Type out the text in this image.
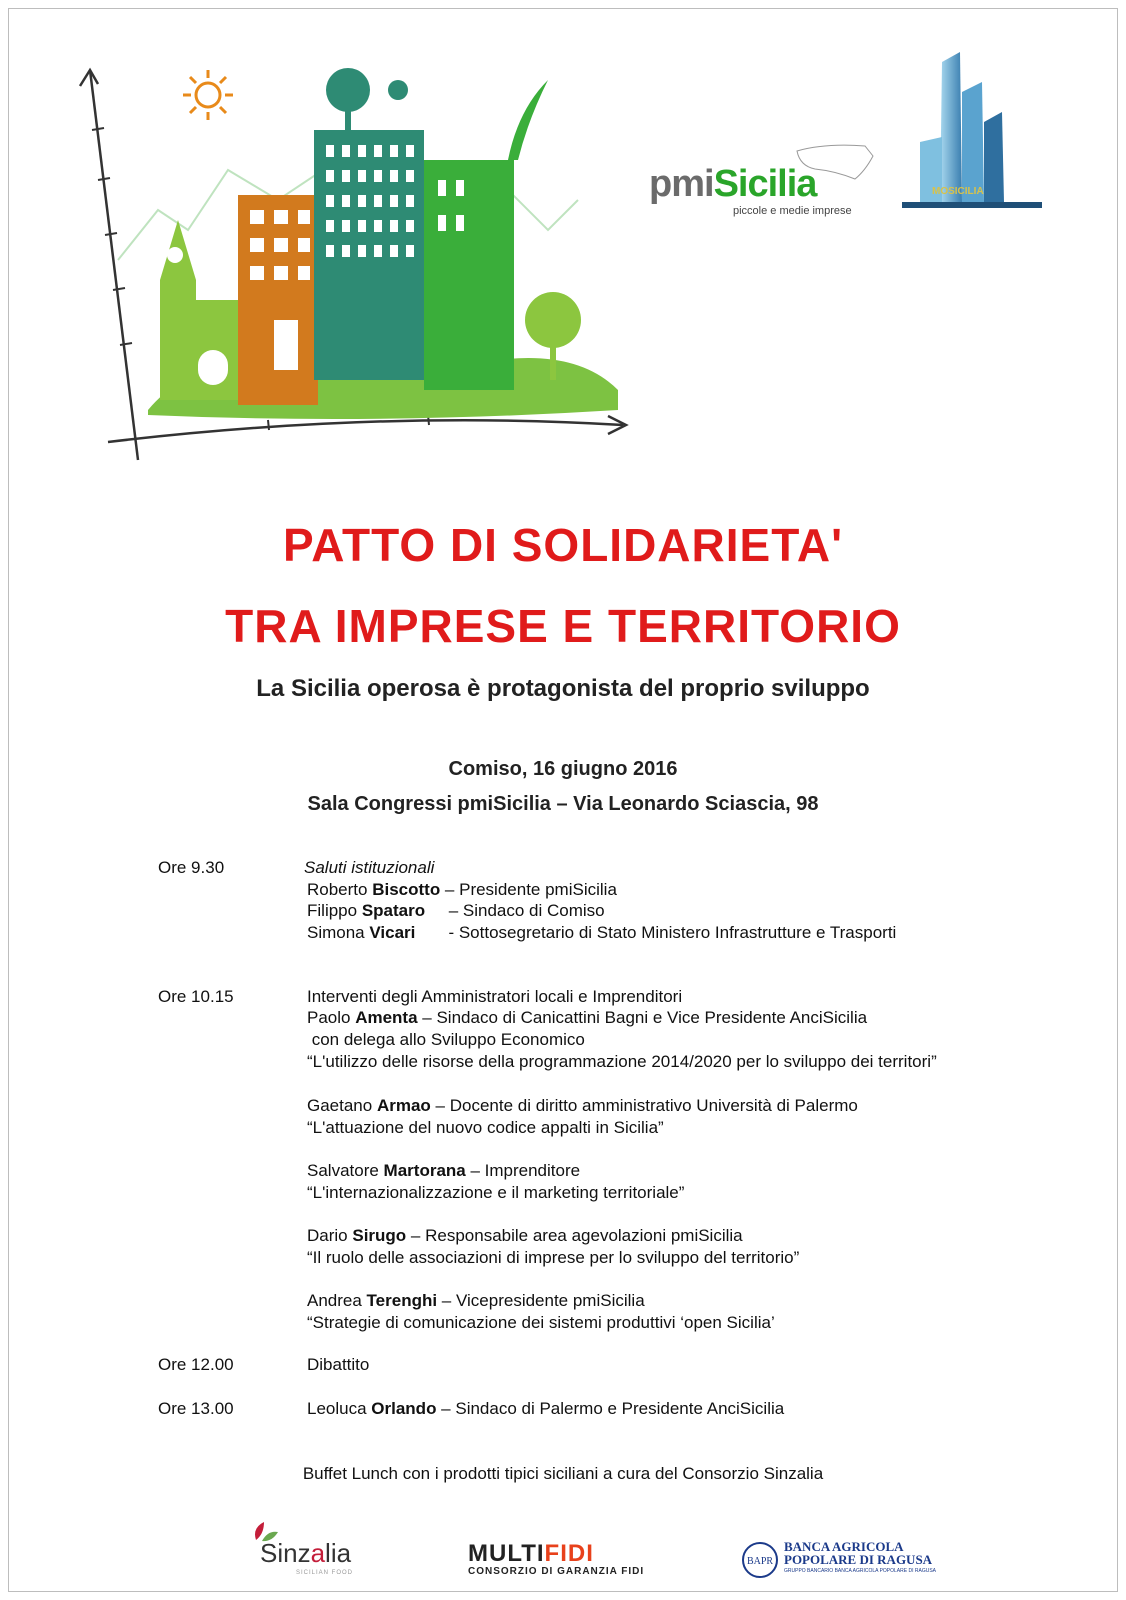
pmiSicilia
piccole e medie imprese
MOSICILIA
PATTO DI SOLIDARIETA'
TRA IMPRESE E TERRITORIO
La Sicilia operosa è protagonista del proprio sviluppo
Comiso, 16 giugno 2016
Sala Congressi pmiSicilia – Via Leonardo Sciascia, 98
Ore 9.30	Saluti istituzionali
Roberto Biscotto – Presidente pmiSicilia
Filippo Spataro     – Sindaco di Comiso
Simona Vicari       - Sottosegretario di Stato Ministero Infrastrutture e Trasporti
Ore 10.15	Interventi degli Amministratori locali e Imprenditori
Paolo Amenta – Sindaco di Canicattini Bagni e Vice Presidente AnciSicilia
con delega allo Sviluppo Economico
“L'utilizzo delle risorse della programmazione 2014/2020 per lo sviluppo dei territori”
Gaetano Armao – Docente di diritto amministrativo Università di Palermo
“L'attuazione del nuovo codice appalti in Sicilia”
Salvatore Martorana – Imprenditore
“L'internazionalizzazione e il marketing territoriale”
Dario Sirugo – Responsabile area agevolazioni pmiSicilia
“Il ruolo delle associazioni di imprese per lo sviluppo del territorio”
Andrea Terenghi – Vicepresidente pmiSicilia
“Strategie di comunicazione dei sistemi produttivi ‘open Sicilia’
Ore 12.00	Dibattito
Ore 13.00	Leoluca Orlando – Sindaco di Palermo e Presidente AnciSicilia
Buffet Lunch con i prodotti tipici siciliani a cura del Consorzio Sinzalia
Sinzalia
SICILIAN FOOD
MULTIFIDI
CONSORZIO DI GARANZIA FIDI
BAPR
BANCA AGRICOLA
POPOLARE DI RAGUSA
GRUPPO BANCARIO BANCA AGRICOLA POPOLARE DI RAGUSA
